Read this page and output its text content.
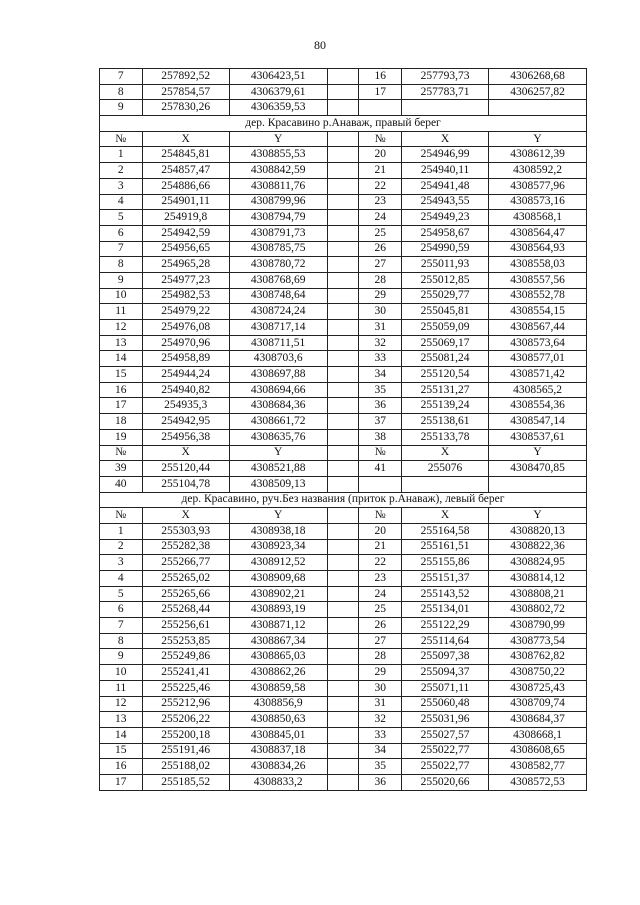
80
7	257892,52	4306423,51		16	257793,73	4306268,68
8	257854,57	4306379,61		17	257783,71	4306257,82
9	257830,26	4306359,53				
дер. Красавино р.Анаваж, правый берег						
№	X	Y		№	X	Y
1	254845,81	4308855,53		20	254946,99	4308612,39
2	254857,47	4308842,59		21	254940,11	4308592,2
3	254886,66	4308811,76		22	254941,48	4308577,96
4	254901,11	4308799,96		23	254943,55	4308573,16
5	254919,8	4308794,79		24	254949,23	4308568,1
6	254942,59	4308791,73		25	254958,67	4308564,47
7	254956,65	4308785,75		26	254990,59	4308564,93
8	254965,28	4308780,72		27	255011,93	4308558,03
9	254977,23	4308768,69		28	255012,85	4308557,56
10	254982,53	4308748,64		29	255029,77	4308552,78
11	254979,22	4308724,24		30	255045,81	4308554,15
12	254976,08	4308717,14		31	255059,09	4308567,44
13	254970,96	4308711,51		32	255069,17	4308573,64
14	254958,89	4308703,6		33	255081,24	4308577,01
15	254944,24	4308697,88		34	255120,54	4308571,42
16	254940,82	4308694,66		35	255131,27	4308565,2
17	254935,3	4308684,36		36	255139,24	4308554,36
18	254942,95	4308661,72		37	255138,61	4308547,14
19	254956,38	4308635,76		38	255133,78	4308537,61
№	X	Y		№	X	Y
39	255120,44	4308521,88		41	255076	4308470,85
40	255104,78	4308509,13				
дер. Красавино, руч.Без названия (приток р.Анаваж), левый берег						
№	X	Y		№	X	Y
1	255303,93	4308938,18		20	255164,58	4308820,13
2	255282,38	4308923,34		21	255161,51	4308822,36
3	255266,77	4308912,52		22	255155,86	4308824,95
4	255265,02	4308909,68		23	255151,37	4308814,12
5	255265,66	4308902,21		24	255143,52	4308808,21
6	255268,44	4308893,19		25	255134,01	4308802,72
7	255256,61	4308871,12		26	255122,29	4308790,99
8	255253,85	4308867,34		27	255114,64	4308773,54
9	255249,86	4308865,03		28	255097,38	4308762,82
10	255241,41	4308862,26		29	255094,37	4308750,22
11	255225,46	4308859,58		30	255071,11	4308725,43
12	255212,96	4308856,9		31	255060,48	4308709,74
13	255206,22	4308850,63		32	255031,96	4308684,37
14	255200,18	4308845,01		33	255027,57	4308668,1
15	255191,46	4308837,18		34	255022,77	4308608,65
16	255188,02	4308834,26		35	255022,77	4308582,77
17	255185,52	4308833,2		36	255020,66	4308572,53
